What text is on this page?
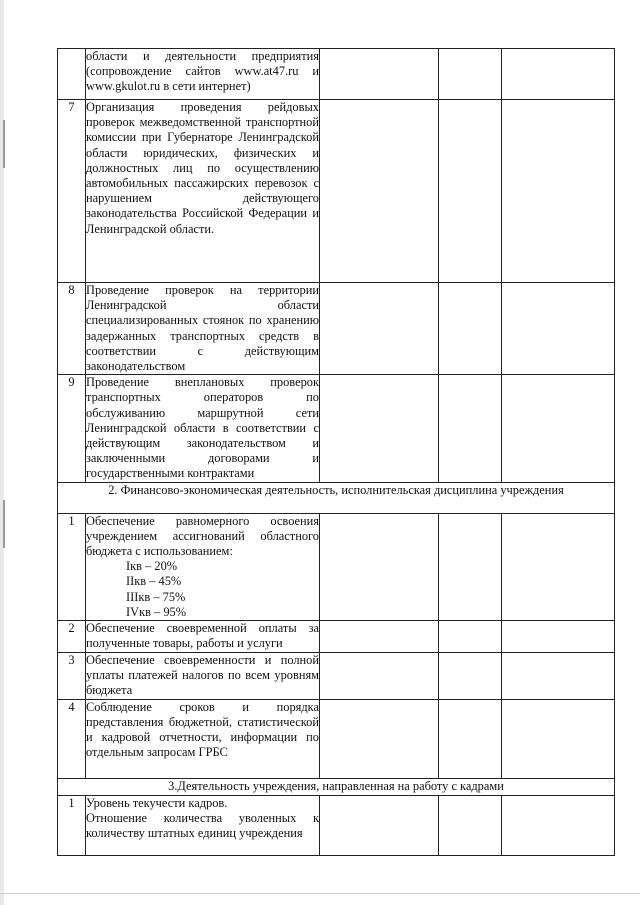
	области и деятельности предприятия (сопровождение сайтов www.at47.ru и www.gkulot.ru в сети интернет)			
7	Организация проведения рейдовых проверок межведомственной транспортной комиссии при Губернаторе Ленинградской области юридических, физических и должностных лиц по осуществлению автомобильных пассажирских перевозок с нарушением действующего законодательства Российской Федерации и Ленинградской области.			
8	Проведение проверок на территории Ленинградской области специализированных стоянок по хранению задержанных транспортных средств в соответствии с действующим законодательством			
9	Проведение внеплановых проверок транспортных операторов по обслуживанию маршрутной сети Ленинградской области в соответствии с действующим законодательством и заключенными договорами и государственными контрактами			
2. Финансово-экономическая деятельность, исполнительская дисциплина учреждения				
1	Обеспечение равномерного освоения учреждением ассигнований областного бюджета с использованием:
Iкв – 20%
IIкв – 45%
IIIкв – 75%
IVкв – 95%			

2	Обеспечение своевременной оплаты за полученные товары, работы и услуги			
3	Обеспечение своевременности и полной уплаты платежей налогов по всем уровням бюджета			
4	Соблюдение сроков и порядка представления бюджетной, статистической и кадровой отчетности, информации по отдельным запросам ГРБС			
3.Деятельность учреждения, направленная на работу с кадрами				
1	Уровень текучести кадров.
Отношение количества уволенных к количеству штатных единиц учреждения			
